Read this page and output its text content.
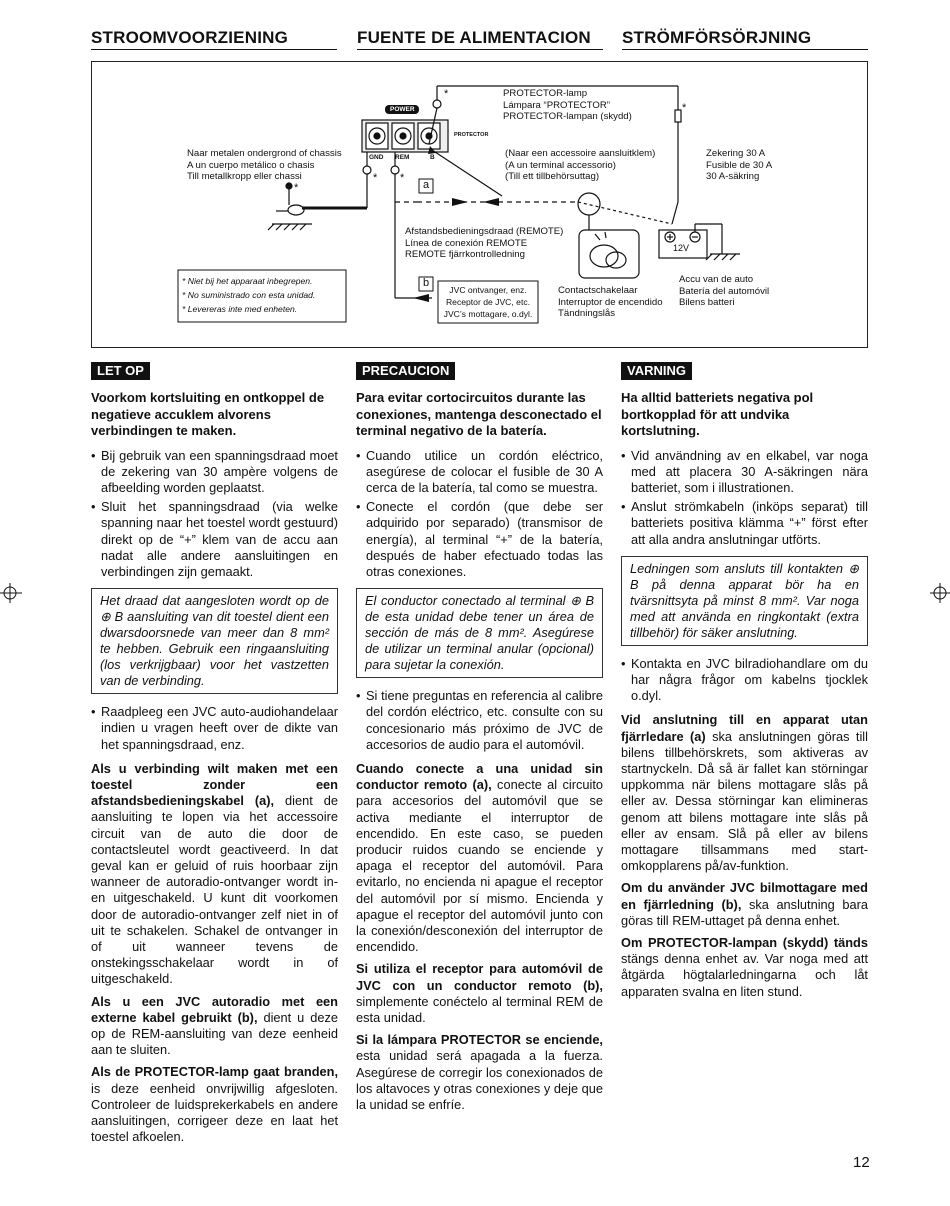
STROOMVOORZIENING	FUENTE DE ALIMENTACION STRÖMFÖRSÖRJNING
POWER
PROTECTOR
GND REM	B
PROTECTOR-lamp
Lámpara “PROTECTOR”
PROTECTOR-lampan (skydd)
Naar metalen ondergrond of chassis
A un cuerpo metálico o chasis
Till metallkropp eller chassi
(Naar een accessoire aansluitklem)
(A un terminal accessorio)
(Till ett tillbehörsuttag)
Zekering 30 A
Fusible de 30 A
30 A-säkring
Afstandsbedieningsdraad (REMOTE)
Línea de conexión REMOTE
REMOTE fjärrkontrolledning
JVC ontvanger, enz.
Receptor de JVC, etc.
JVC’s mottagare, o.dyl.
Contactschakelaar
Interruptor de encendido
Tändningslås
Accu van de auto
Batería del automóvil
Bilens batteri
12V
a
b
*
*
* *
*
* Niet bij het apparaat inbegrepen.
* No suministrado con esta unidad.
* Levereras inte med enheten.
LET OP

Voorkom kortsluiting en ontkoppel de negatieve accuklem alvorens verbindingen te maken.

• Bij gebruik van een spanningsdraad moet de zekering van 30 ampère volgens de afbeelding worden geplaatst.
• Sluit het spanningsdraad (via welke spanning naar het toestel wordt gestuurd) direkt op de “+” klem van de accu aan nadat alle andere aansluitingen en verbindingen zijn gemaakt.
Het draad dat aangesloten wordt op de ⊕ B aansluiting van dit toestel dient een dwarsdoorsnede van meer dan 8 mm² te hebben. Gebruik een ringaansluiting (los verkrijgbaar) voor het vastzetten van de verbinding.
• Raadpleeg een JVC auto-audiohandelaar indien u vragen heeft over de dikte van het spanningsdraad, enz.

Als u verbinding wilt maken met een toestel zonder een afstandsbedieningskabel (a), dient de aansluiting te lopen via het accessoire circuit van de auto die door de contactsleutel wordt geactiveerd. In dat geval kan er geluid of ruis hoorbaar zijn wanneer de autoradio-ontvanger wordt in- en uitgeschakeld. U kunt dit voorkomen door de autoradio-ontvanger zelf niet in of uit te schakelen. Schakel de ontvanger in of uit wanneer tevens de onstekingsschakelaar wordt in of uitgeschakeld.

Als u een JVC autoradio met een externe kabel gebruikt (b), dient u deze op de REM-aansluiting van deze eenheid aan te sluiten.

Als de PROTECTOR-lamp gaat branden, is deze eenheid onvrijwillig afgesloten. Controleer de luidsprekerkabels en andere aansluitingen, corrigeer deze en laat het toestel afkoelen.

PRECAUCION

Para evitar cortocircuitos durante las conexiones, mantenga desconectado el terminal negativo de la batería.

• Cuando utilice un cordón eléctrico, asegúrese de colocar el fusible de 30 A cerca de la batería, tal como se muestra.
• Conecte el cordón (que debe ser adquirido por separado) (transmisor de energía), al terminal “+” de la batería, después de haber efectuado todas las otras conexiones.
El conductor conectado al terminal ⊕ B de esta unidad debe tener un área de sección de más de 8 mm². Asegúrese de utilizar un terminal anular (opcional) para sujetar la conexión.
• Si tiene preguntas en referencia al calibre del cordón eléctrico, etc. consulte con su concesionario más próximo de JVC de accesorios de audio para el automóvil.

Cuando conecte a una unidad sin conductor remoto (a), conecte al circuito para accesorios del automóvil que se activa mediante el interruptor de encendido. En este caso, se pueden producir ruidos cuando se enciende y apaga el receptor del automóvil. Para evitarlo, no encienda ni apague el receptor del automóvil por sí mismo. Encienda y apague el receptor del automóvil junto con la conexión/desconexión del interruptor de encendido.

Si utiliza el receptor para automóvil de JVC con un conductor remoto (b), simplemente conéctelo al terminal REM de esta unidad.

Si la lámpara PROTECTOR se enciende, esta unidad será apagada a la fuerza. Asegúrese de corregir los conexionados de los altavoces y otras conexiones y deje que la unidad se enfríe.

VARNING

Ha alltid batteriets negativa pol bortkopplad för att undvika kortslutning.

• Vid användning av en elkabel, var noga med att placera 30 A-säkringen nära batteriet, som i illustrationen.
• Anslut strömkabeln (inköps separat) till batteriets positiva klämma “+” först efter att alla andra anslutningar utförts.
Ledningen som ansluts till kontakten ⊕ B på denna apparat bör ha en tvärsnittsyta på minst 8 mm². Var noga med att använda en ringkontakt (extra tillbehör) för säker anslutning.
• Kontakta en JVC bilradiohandlare om du har några frågor om kabelns tjocklek o.dyl.

Vid anslutning till en apparat utan fjärrledare (a) ska anslutningen göras till bilens tillbehörskrets, som aktiveras av startnyckeln. Då så är fallet kan störningar uppkomma när bilens mottagare slås på eller av. Dessa störningar kan elimineras genom att bilens mottagare inte slås på eller av ensam. Slå på eller av bilens mottagare tillsammans med start-omkopplarens på/av-funktion.

Om du använder JVC bilmottagare med en fjärrledning (b), ska anslutning bara göras till REM-uttaget på denna enhet.

Om PROTECTOR-lampan (skydd) tänds stängs denna enhet av. Var noga med att åtgärda högtalarledningarna och låt apparaten svalna en liten stund.

12
